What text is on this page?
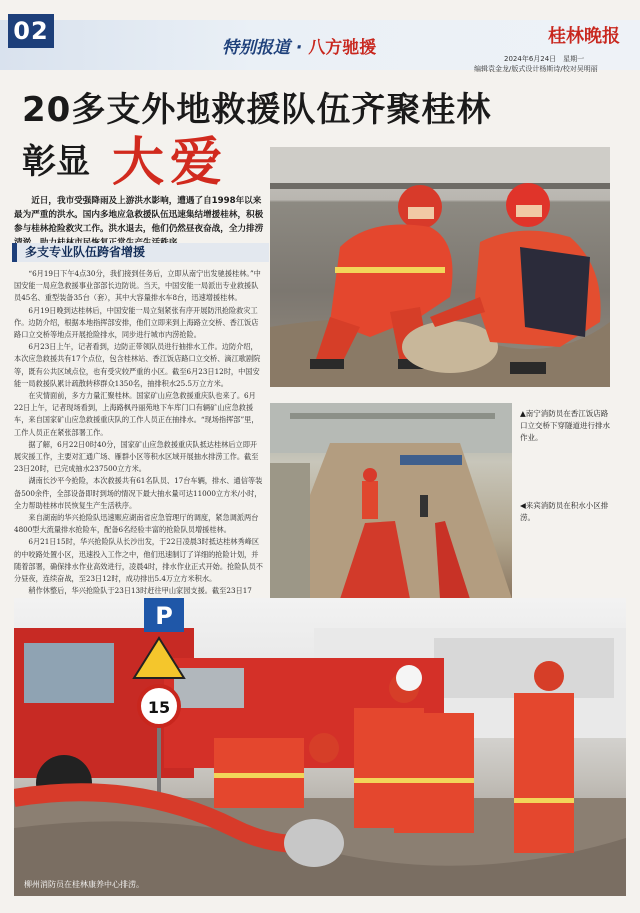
02
特别报道 · 八方驰援
桂林晚报
2024年6月24日　星期一
编辑袁金龙/版式设计杨斯诗/校对吴明丽
20多支外地救援队伍齐聚桂林
彰显 大爱
近日，我市受强降雨及上游洪水影响，遭遇了自1998年以来最为严重的洪水。国内多地应急救援队伍迅速集结增援桂林，积极参与桂林抢险救灾工作。洪水退去，他们仍然昼夜奋战，全力排涝
多支专业队伍跨省增援

“6月19日下午4点30分，我们接到任务后，立即从南宁出发驰援桂林。”中国安能一局应急救援事业部部长边防说。当天，中国安能一局派出专业救援队员45名、重型装备35台（套），其中大容量排水车8台，迅速增援桂林。

6月19日晚到达桂林后，中国安能一局立刻紧张有序开展防汛抢险救灾工作。边防介绍，根据本地指挥部安排，他们立即来到上海路立交桥、香江饭店路口立交桥等地点开展抢险排水，同步进行城市内涝抢险。

6月23日上午，记者看到，边防正带领队员进行抽排水工作。边防介绍，本次应急救援共有17个点位，包含桂林站、香江饭店路口立交桥、滴江歌剧院等，既有公共区域点位，也有受灾较严重的小区。截至6月23日12时，中国安能一局救援队累计疏散转移群众1350名，抽排积水25.5万立方米。

在灾情面前，多方力量汇聚桂林。国家矿山应急救援重庆队也来了。6月22日上午，记者现场看到，上海路枫丹丽苑地下车库门口有辆矿山应急救援车，来自国家矿山应急救援重庆队的工作人员正在抽排水。“现场指挥部”里，工作人员正在紧张部署工作。

据了解，6月22日0时40分，国家矿山应急救援重庆队抵达桂林后立即开展灾援工作，主要对汇通广场、雁群小区等积水区域开展抽水排涝工作。截至23日20时，已完成抽水237500立方米。

湖南长沙平今抢险，本次救援共有61名队员、17台车辆，排水、通信等装备500余件，全部设备即时到场的情况下最大抽水量可达11000立方米/小时，全力帮助桂林市民恢复生产生活秩序。

来自湖南的华兴抢险队迅速赈应湖南省应急管理厅的调度，紧急调派两台4800型大流量排水抢险车，配备6名经验丰富的抢险队员增援桂林。

6月21日15时，华兴抢险队从长沙出发，于22日凌晨3时抵达桂林秀峰区的中咬路处置小区，迅速投入工作之中，他们迅速制订了详细的抢险计划，并随着部署，确保排水作业高效进行，凌晨4时，排水作业正式开始。抢险队员不分昼夜，连续奋战，至23日12时，成功排出5.4万立方米积水。

稍作休整后，华兴抢险队于23日13时赶往甲山家园支援。截至23日17

▲南宁消防员在香江饭店路口立交桥下穿隧道进行排水作业。
◀来宾消防员在积水小区排涝。
P
15
柳州消防员在桂林康养中心排涝。
